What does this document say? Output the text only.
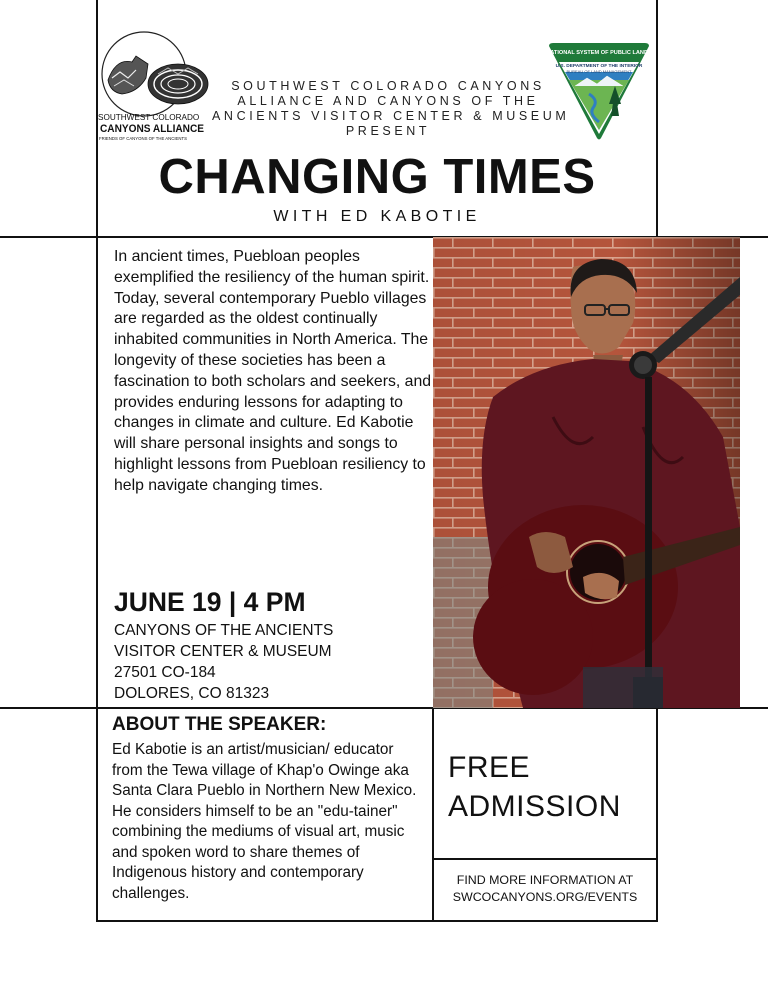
SOUTHWEST COLORADO
CANYONS ALLIANCE
FRIENDS OF CANYONS OF THE ANCIENTS
NATIONAL SYSTEM OF PUBLIC LANDS
U.S. DEPARTMENT OF THE INTERIOR
BUREAU OF LAND MANAGEMENT
SOUTHWEST COLORADO CANYONS
ALLIANCE AND CANYONS OF THE
ANCIENTS VISITOR CENTER & MUSEUM
PRESENT
CHANGING TIMES
WITH ED KABOTIE
In ancient times, Puebloan peoples exemplified the resiliency of the human spirit. Today, several contemporary Pueblo villages are regarded as the oldest continually inhabited communities in North America. The longevity of these societies has been a fascination to both scholars and seekers, and provides enduring lessons for adapting to changes in climate and culture. Ed Kabotie will share personal insights and songs to highlight lessons from Puebloan resiliency to help navigate changing times.
JUNE 19 | 4 PM
CANYONS OF THE ANCIENTS
VISITOR CENTER & MUSEUM
27501 CO-184
DOLORES, CO 81323
ABOUT THE SPEAKER:
Ed Kabotie is an artist/musician/ educator from the Tewa village of Khap'o Owinge aka Santa Clara Pueblo in Northern New Mexico. He considers himself to be an "edu-tainer" combining the mediums of visual art, music and spoken word to share themes of Indigenous history and contemporary challenges.
FREE
ADMISSION
FIND MORE INFORMATION AT
SWCOCANYONS.ORG/EVENTS
